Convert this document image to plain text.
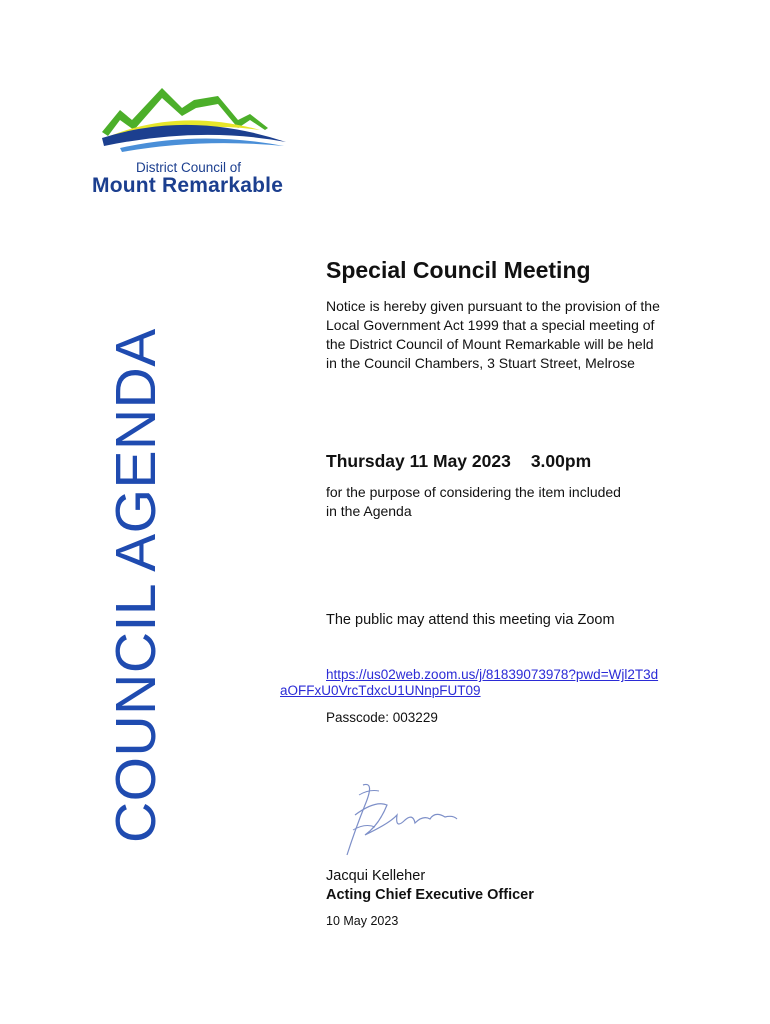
District Council of
Mount Remarkable
COUNCIL AGENDA
Special Council Meeting
Notice is hereby given pursuant to the provision of the Local Government Act 1999 that a special meeting of the District Council of Mount Remarkable will be held in the Council Chambers, 3 Stuart Street, Melrose
Thursday 11 May 2023 3.00pm
for the purpose of considering the item included in the Agenda
The public may attend this meeting via Zoom
https://us02web.zoom.us/j/81839073978?pwd=Wjl2T3d
aOFFxU0VrcTdxcU1UNnpFUT09
Passcode: 003229
Jacqui Kelleher
Acting Chief Executive Officer
10 May 2023
